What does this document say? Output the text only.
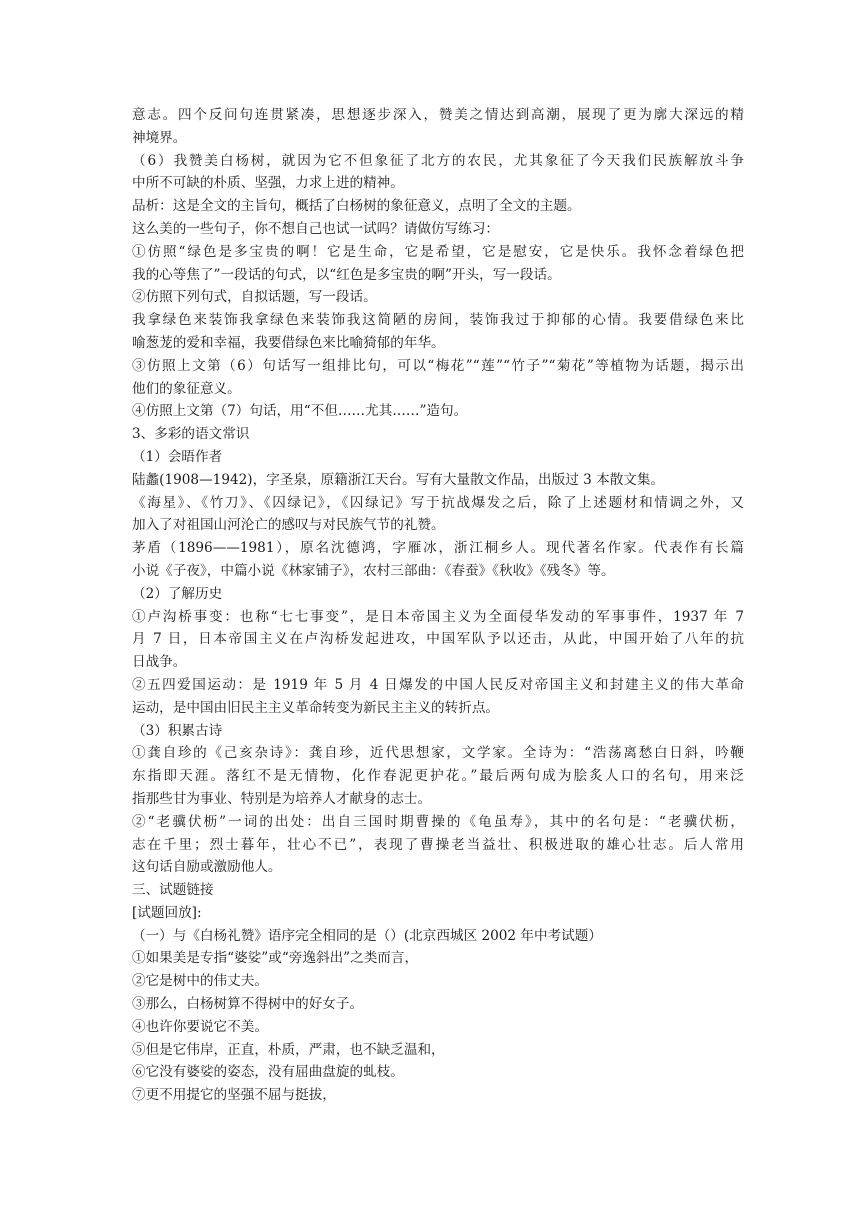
意志。四个反问句连贯紧凑，思想逐步深入，赞美之情达到高潮，展现了更为廓大深远的精
神境界。
（6）我赞美白杨树，就因为它不但象征了北方的农民，尤其象征了今天我们民族解放斗争
中所不可缺的朴质、坚强，力求上进的精神。
品析：这是全文的主旨句，概括了白杨树的象征意义，点明了全文的主题。
这么美的一些句子，你不想自己也试一试吗？请做仿写练习：
①仿照“绿色是多宝贵的啊！它是生命，它是希望，它是慰安，它是快乐。我怀念着绿色把
我的心等焦了”一段话的句式，以“红色是多宝贵的啊”开头，写一段话。
②仿照下列句式，自拟话题，写一段话。
我拿绿色来装饰我拿绿色来装饰我这简陋的房间，装饰我过于抑郁的心情。我要借绿色来比
喻葱茏的爱和幸福，我要借绿色来比喻猗郁的年华。
③仿照上文第（6）句话写一组排比句，可以“梅花”“莲”“竹子”“菊花”等植物为话题，揭示出
他们的象征意义。
④仿照上文第（7）句话，用“不但……尤其……”造句。
3、多彩的语文常识
（1）会晤作者
陆蠡(1908—1942)，字圣泉，原籍浙江天台。写有大量散文作品，出版过 3 本散文集。
《海星》、《竹刀》、《囚绿记》，《囚绿记》写于抗战爆发之后，除了上述题材和情调之外，又
加入了对祖国山河沦亡的感叹与对民族气节的礼赞。
茅盾（1896——1981），原名沈德鸿，字雁冰，浙江桐乡人。现代著名作家。代表作有长篇
小说《子夜》，中篇小说《林家铺子》，农村三部曲：《春蚕》《秋收》《残冬》等。
（2）了解历史
①卢沟桥事变：也称“七七事变”，是日本帝国主义为全面侵华发动的军事事件，1937 年 7
月 7 日，日本帝国主义在卢沟桥发起进攻，中国军队予以还击，从此，中国开始了八年的抗
日战争。
②五四爱国运动：是 1919 年 5 月 4 日爆发的中国人民反对帝国主义和封建主义的伟大革命
运动，是中国由旧民主主义革命转变为新民主主义的转折点。
（3）积累古诗
①龚自珍的《己亥杂诗》：龚自珍，近代思想家，文学家。全诗为：“浩荡离愁白日斜，吟鞭
东指即天涯。落红不是无情物，化作春泥更护花。”最后两句成为脍炙人口的名句，用来泛
指那些甘为事业、特别是为培养人才献身的志士。
②“老骥伏枥”一词的出处：出自三国时期曹操的《龟虽寿》，其中的名句是：“老骥伏枥，
志在千里；烈士暮年，壮心不已”，表现了曹操老当益壮、积极进取的雄心壮志。后人常用
这句话自励或激励他人。
三、试题链接
[试题回放]:
（一）与《白杨礼赞》语序完全相同的是（）(北京西城区 2002 年中考试题）
①如果美是专指“婆娑”或“旁逸斜出”之类而言，
②它是树中的伟丈夫。
③那么，白杨树算不得树中的好女子。
④也许你要说它不美。
⑤但是它伟岸，正直，朴质，严肃，也不缺乏温和，
⑥它没有婆娑的姿态，没有屈曲盘旋的虬枝。
⑦更不用提它的坚强不屈与挺拔，
